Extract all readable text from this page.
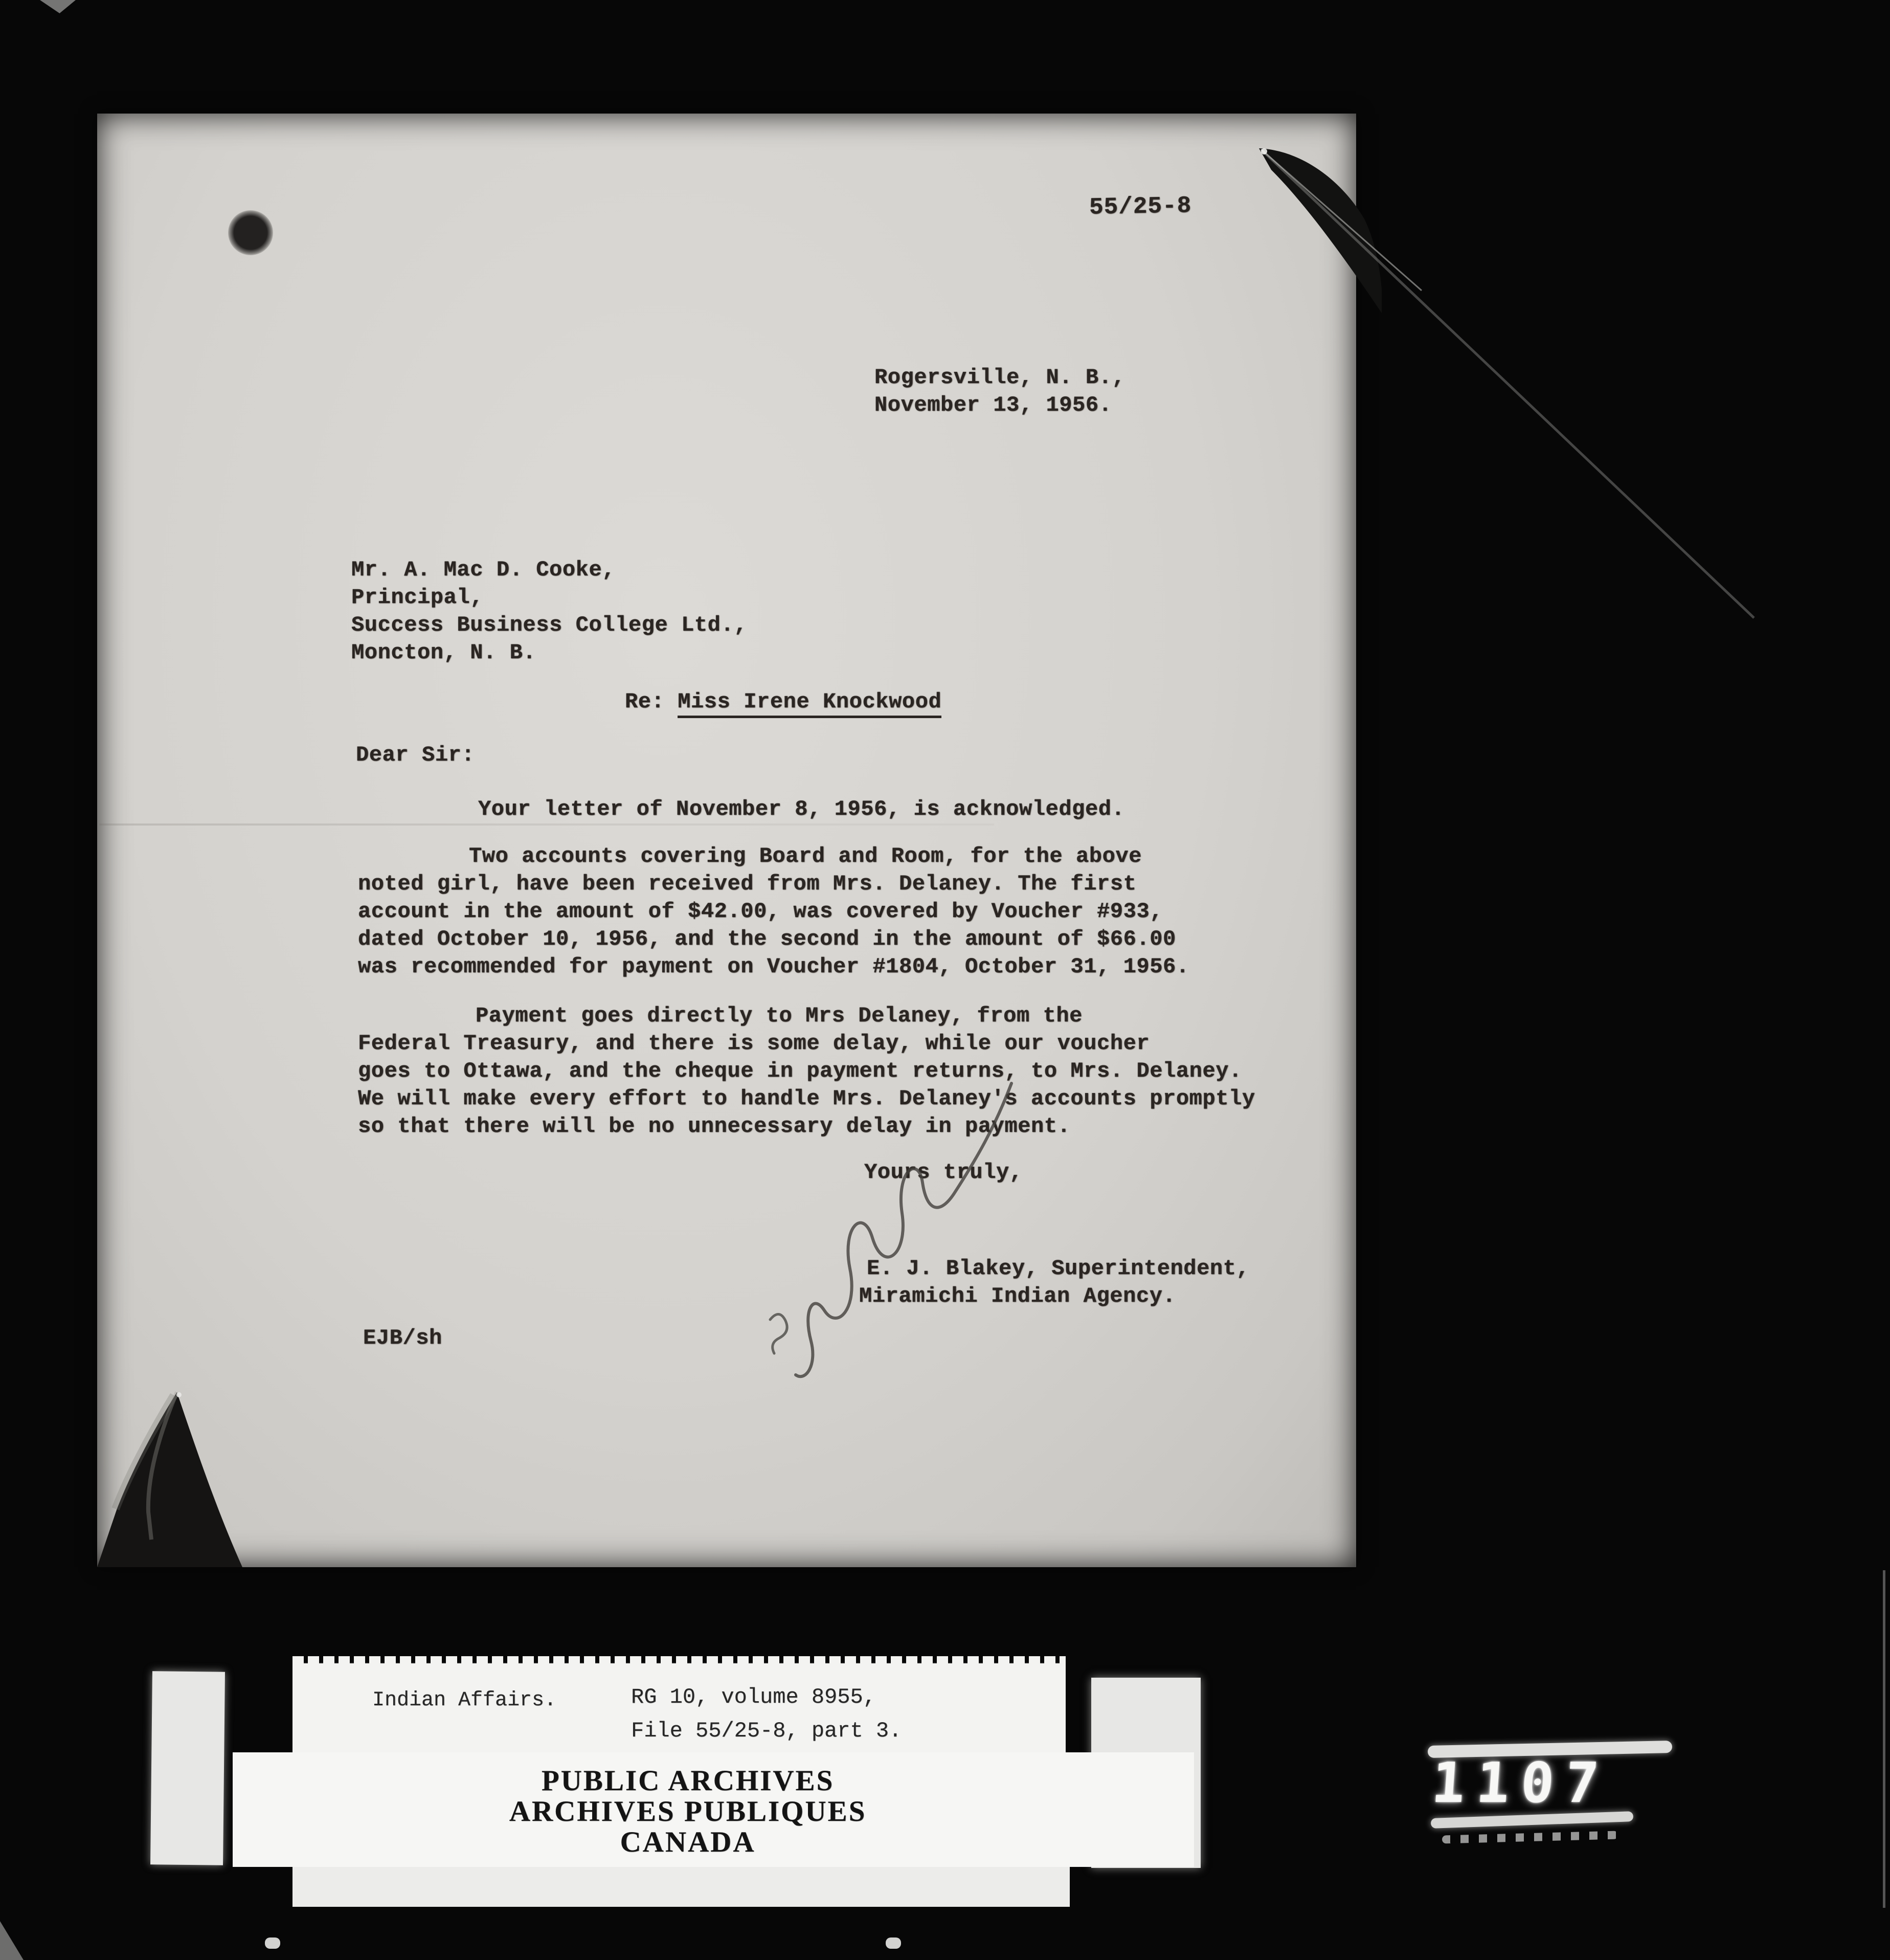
55/25-8
Rogersville, N. B.,
November 13, 1956.
Mr. A. Mac D. Cooke,
Principal,
Success Business College Ltd.,
Moncton, N. B.
Re: Miss Irene Knockwood
Dear Sir:
Your letter of November 8, 1956, is acknowledged.
Two accounts covering Board and Room, for the above
noted girl, have been received from Mrs. Delaney. The first
account in the amount of $42.00, was covered by Voucher #933,
dated October 10, 1956, and the second in the amount of $66.00
was recommended for payment on Voucher #1804, October 31, 1956.
Payment goes directly to Mrs Delaney, from the
Federal Treasury, and there is some delay, while our voucher
goes to Ottawa, and the cheque in payment returns, to Mrs. Delaney.
We will make every effort to handle Mrs. Delaney's accounts promptly
so that there will be no unnecessary delay in payment.
Yours truly,
E. J. Blakey, Superintendent,
Miramichi Indian Agency.
EJB/sh
Indian Affairs.	RG 10, volume 8955,
File 55/25-8, part 3.
PUBLIC ARCHIVES
ARCHIVES PUBLIQUES
CANADA
1107
